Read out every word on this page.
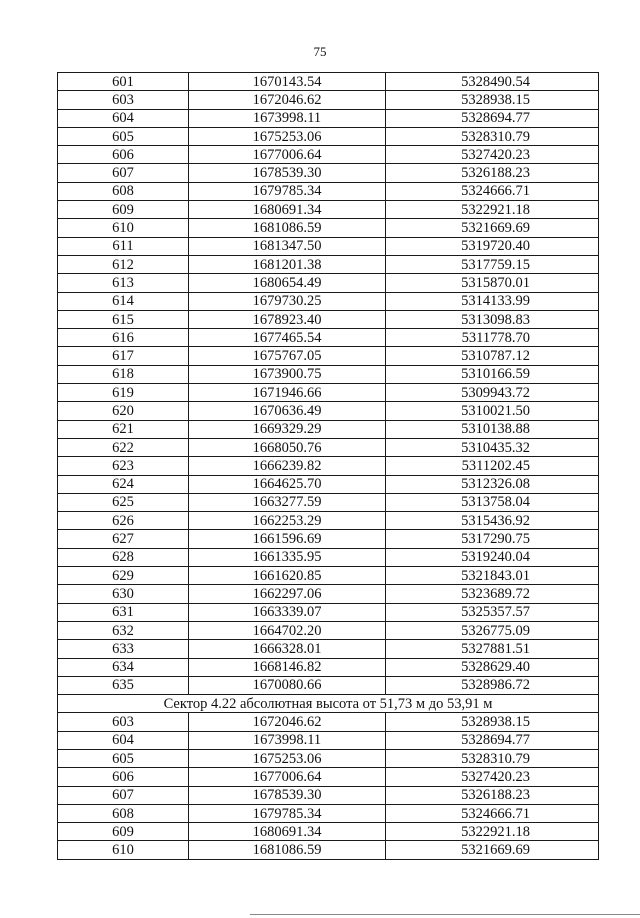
75
601	1670143.54	5328490.54
603	1672046.62	5328938.15
604	1673998.11	5328694.77
605	1675253.06	5328310.79
606	1677006.64	5327420.23
607	1678539.30	5326188.23
608	1679785.34	5324666.71
609	1680691.34	5322921.18
610	1681086.59	5321669.69
611	1681347.50	5319720.40
612	1681201.38	5317759.15
613	1680654.49	5315870.01
614	1679730.25	5314133.99
615	1678923.40	5313098.83
616	1677465.54	5311778.70
617	1675767.05	5310787.12
618	1673900.75	5310166.59
619	1671946.66	5309943.72
620	1670636.49	5310021.50
621	1669329.29	5310138.88
622	1668050.76	5310435.32
623	1666239.82	5311202.45
624	1664625.70	5312326.08
625	1663277.59	5313758.04
626	1662253.29	5315436.92
627	1661596.69	5317290.75
628	1661335.95	5319240.04
629	1661620.85	5321843.01
630	1662297.06	5323689.72
631	1663339.07	5325357.57
632	1664702.20	5326775.09
633	1666328.01	5327881.51
634	1668146.82	5328629.40
635	1670080.66	5328986.72
Сектор 4.22 абсолютная высота от 51,73 м до 53,91 м		
603	1672046.62	5328938.15
604	1673998.11	5328694.77
605	1675253.06	5328310.79
606	1677006.64	5327420.23
607	1678539.30	5326188.23
608	1679785.34	5324666.71
609	1680691.34	5322921.18
610	1681086.59	5321669.69
